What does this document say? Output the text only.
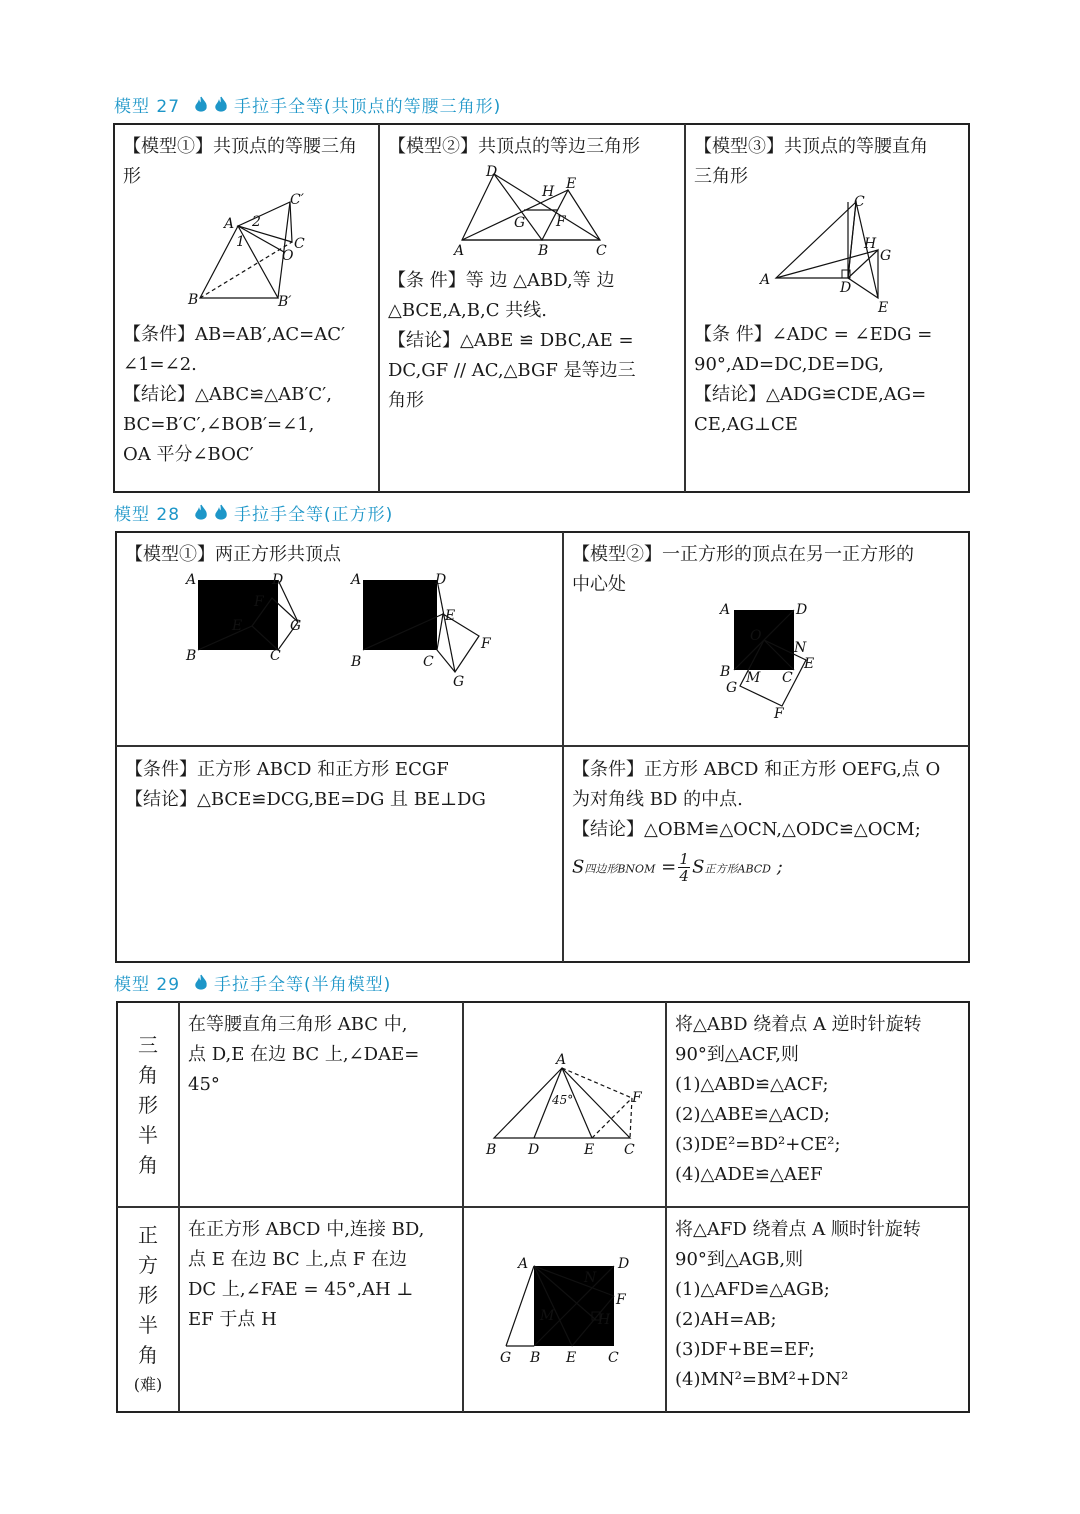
模型 27	手拉手全等(共顶点的等腰三角形)
【模型①】共顶点的等腰三角
形
【条件】AB=AB′,AC=AC′
∠1=∠2.
【结论】△ABC≌△AB′C′,
BC=B′C′,∠BOB′=∠1,
OA 平分∠BOC′
A
C′
2
1	C
O
B	B′
【模型②】共顶点的等边三角形
【条 件】等 边 △ABD,等 边
△BCE,A,B,C 共线.
【结论】△ABE ≌ DBC,AE =
DC,GF // AC,△BGF 是等边三
角形
D
H E
G F
A	B	C
【模型③】共顶点的等腰直角
三角形
【条 件】∠ADC = ∠EDG =
90°,AD=DC,DE=DG,
【结论】△ADG≌CDE,AG=
CE,AG⊥CE
C
H
G
A	D
E
模型 28	手拉手全等(正方形)
【模型①】两正方形共顶点
A	D
F
E	G
B	C
A	D
E
F
B	C
G
【模型②】一正方形的顶点在另一正方形的
中心处
A	D
O
N
E
B M
G
C
F
【条件】正方形 ABCD 和正方形 ECGF
【结论】△BCE≌DCG,BE=DG 且 BE⊥DG
【条件】正方形 ABCD 和正方形 OEFG,点 O
为对角线 BD 的中点.
【结论】△OBM≌△OCN,△ODC≌△OCM;
S四边形BNOM = $\frac{1}{4}$ S正方形ABCD ;
模型 29 手拉手全等(半角模型)
三
角
形
半
角
在等腰直角三角形 ABC 中,
点 D,E 在边 BC 上,∠DAE=
45°
A
45°	F
B D	E C
将△ABD 绕着点 A 逆时针旋转
90°到△ACF,则
(1)△ABD≌△ACF;
(2)△ABE≌△ACD;
(3)DE²=BD²+CE²;
(4)△ADE≌△AEF
正
方
形
半
角
(难)
在正方形 ABCD 中,连接 BD,
点 E 在边 BC 上,点 F 在边
DC 上,∠FAE = 45°,AH ⊥
EF 于点 H
A	D
N
F
M	H
G B E C
将△AFD 绕着点 A 顺时针旋转
90°到△AGB,则
(1)△AFD≌△AGB;
(2)AH=AB;
(3)DF+BE=EF;
(4)MN²=BM²+DN²
